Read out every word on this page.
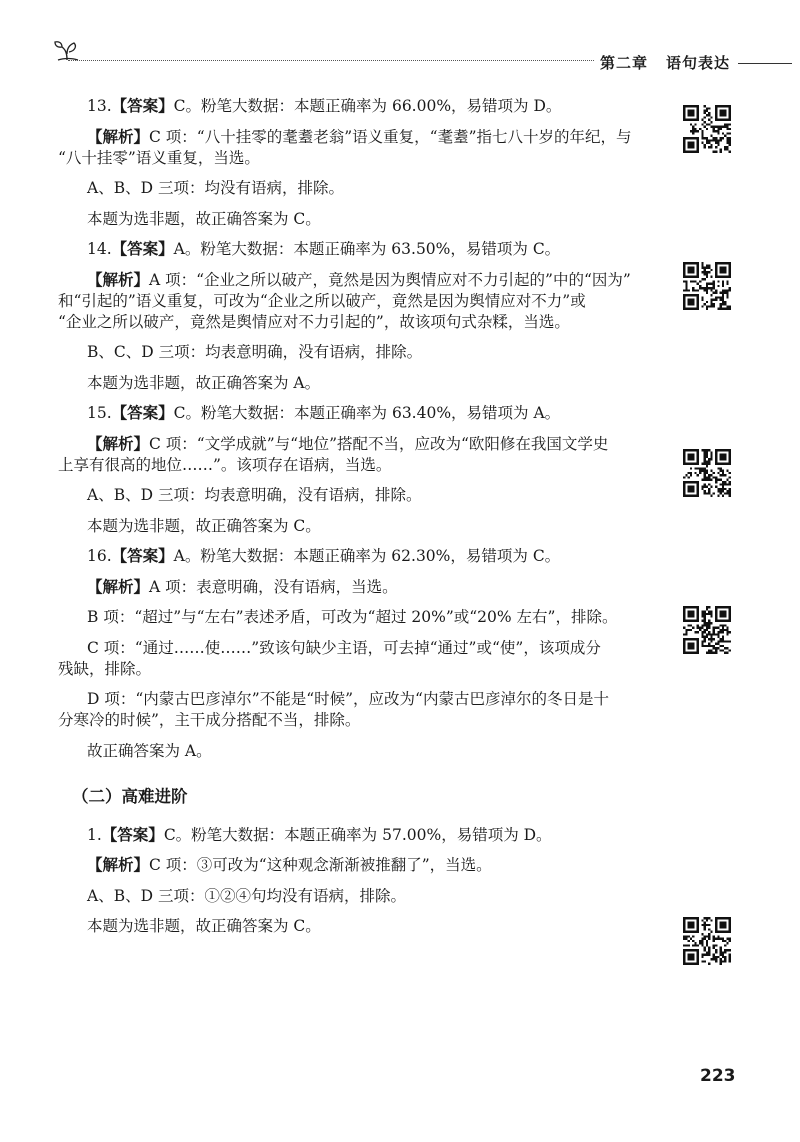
第二章 语句表达

13.【答案】C。粉笔大数据：本题正确率为 66.00%，易错项为 D。

【解析】C 项：“八十挂零的耄耋老翁”语义重复，“耄耋”指七八十岁的年纪，与
“八十挂零”语义重复，当选。

A、B、D 三项：均没有语病，排除。

本题为选非题，故正确答案为 C。

14.【答案】A。粉笔大数据：本题正确率为 63.50%，易错项为 C。

【解析】A 项：“企业之所以破产，竟然是因为舆情应对不力引起的”中的“因为”
和“引起的”语义重复，可改为“企业之所以破产，竟然是因为舆情应对不力”或
“企业之所以破产，竟然是舆情应对不力引起的”，故该项句式杂糅，当选。

B、C、D 三项：均表意明确，没有语病，排除。

本题为选非题，故正确答案为 A。

15.【答案】C。粉笔大数据：本题正确率为 63.40%，易错项为 A。

【解析】C 项：“文学成就”与“地位”搭配不当，应改为“欧阳修在我国文学史
上享有很高的地位……”。该项存在语病，当选。

A、B、D 三项：均表意明确，没有语病，排除。

本题为选非题，故正确答案为 C。

16.【答案】A。粉笔大数据：本题正确率为 62.30%，易错项为 C。

【解析】A 项：表意明确，没有语病，当选。

B 项：“超过”与“左右”表述矛盾，可改为“超过 20%”或“20% 左右”，排除。

C 项：“通过……使……”致该句缺少主语，可去掉“通过”或“使”，该项成分
残缺，排除。

D 项：“内蒙古巴彦淖尔”不能是“时候”，应改为“内蒙古巴彦淖尔的冬日是十
分寒冷的时候”，主干成分搭配不当，排除。

故正确答案为 A。

（二）高难进阶

1.【答案】C。粉笔大数据：本题正确率为 57.00%，易错项为 D。

【解析】C 项：③可改为“这种观念渐渐被推翻了”，当选。

A、B、D 三项：①②④句均没有语病，排除。

本题为选非题，故正确答案为 C。

223
